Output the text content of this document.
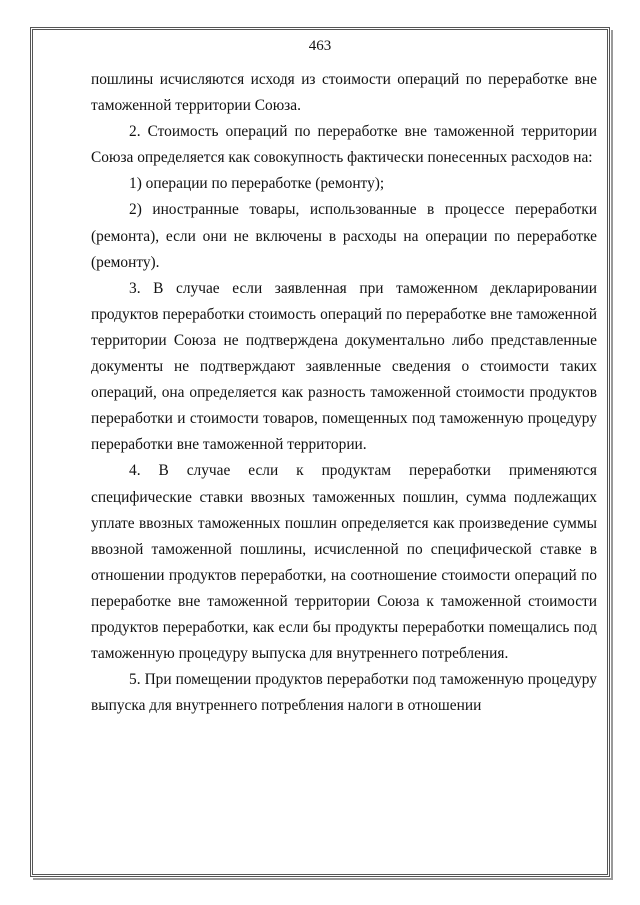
463

пошлины исчисляются исходя из стоимости операций по переработке вне таможенной территории Союза.

2. Стоимость операций по переработке вне таможенной территории Союза определяется как совокупность фактически понесенных расходов на:

1) операции по переработке (ремонту);

2) иностранные товары, использованные в процессе переработки (ремонта), если они не включены в расходы на операции по переработке (ремонту).

3. В случае если заявленная при таможенном декларировании продуктов переработки стоимость операций по переработке вне таможенной территории Союза не подтверждена документально либо представленные документы не подтверждают заявленные сведения о стоимости таких операций, она определяется как разность таможенной стоимости продуктов переработки и стоимости товаров, помещенных под таможенную процедуру переработки вне таможенной территории.

4. В случае если к продуктам переработки применяются специфические ставки ввозных таможенных пошлин, сумма подлежащих уплате ввозных таможенных пошлин определяется как произведение суммы ввозной таможенной пошлины, исчисленной по специфической ставке в отношении продуктов переработки, на соотношение стоимости операций по переработке вне таможенной территории Союза к таможенной стоимости продуктов переработки, как если бы продукты переработки помещались под таможенную процедуру выпуска для внутреннего потребления.

5. При помещении продуктов переработки под таможенную процедуру выпуска для внутреннего потребления налоги в отношении
